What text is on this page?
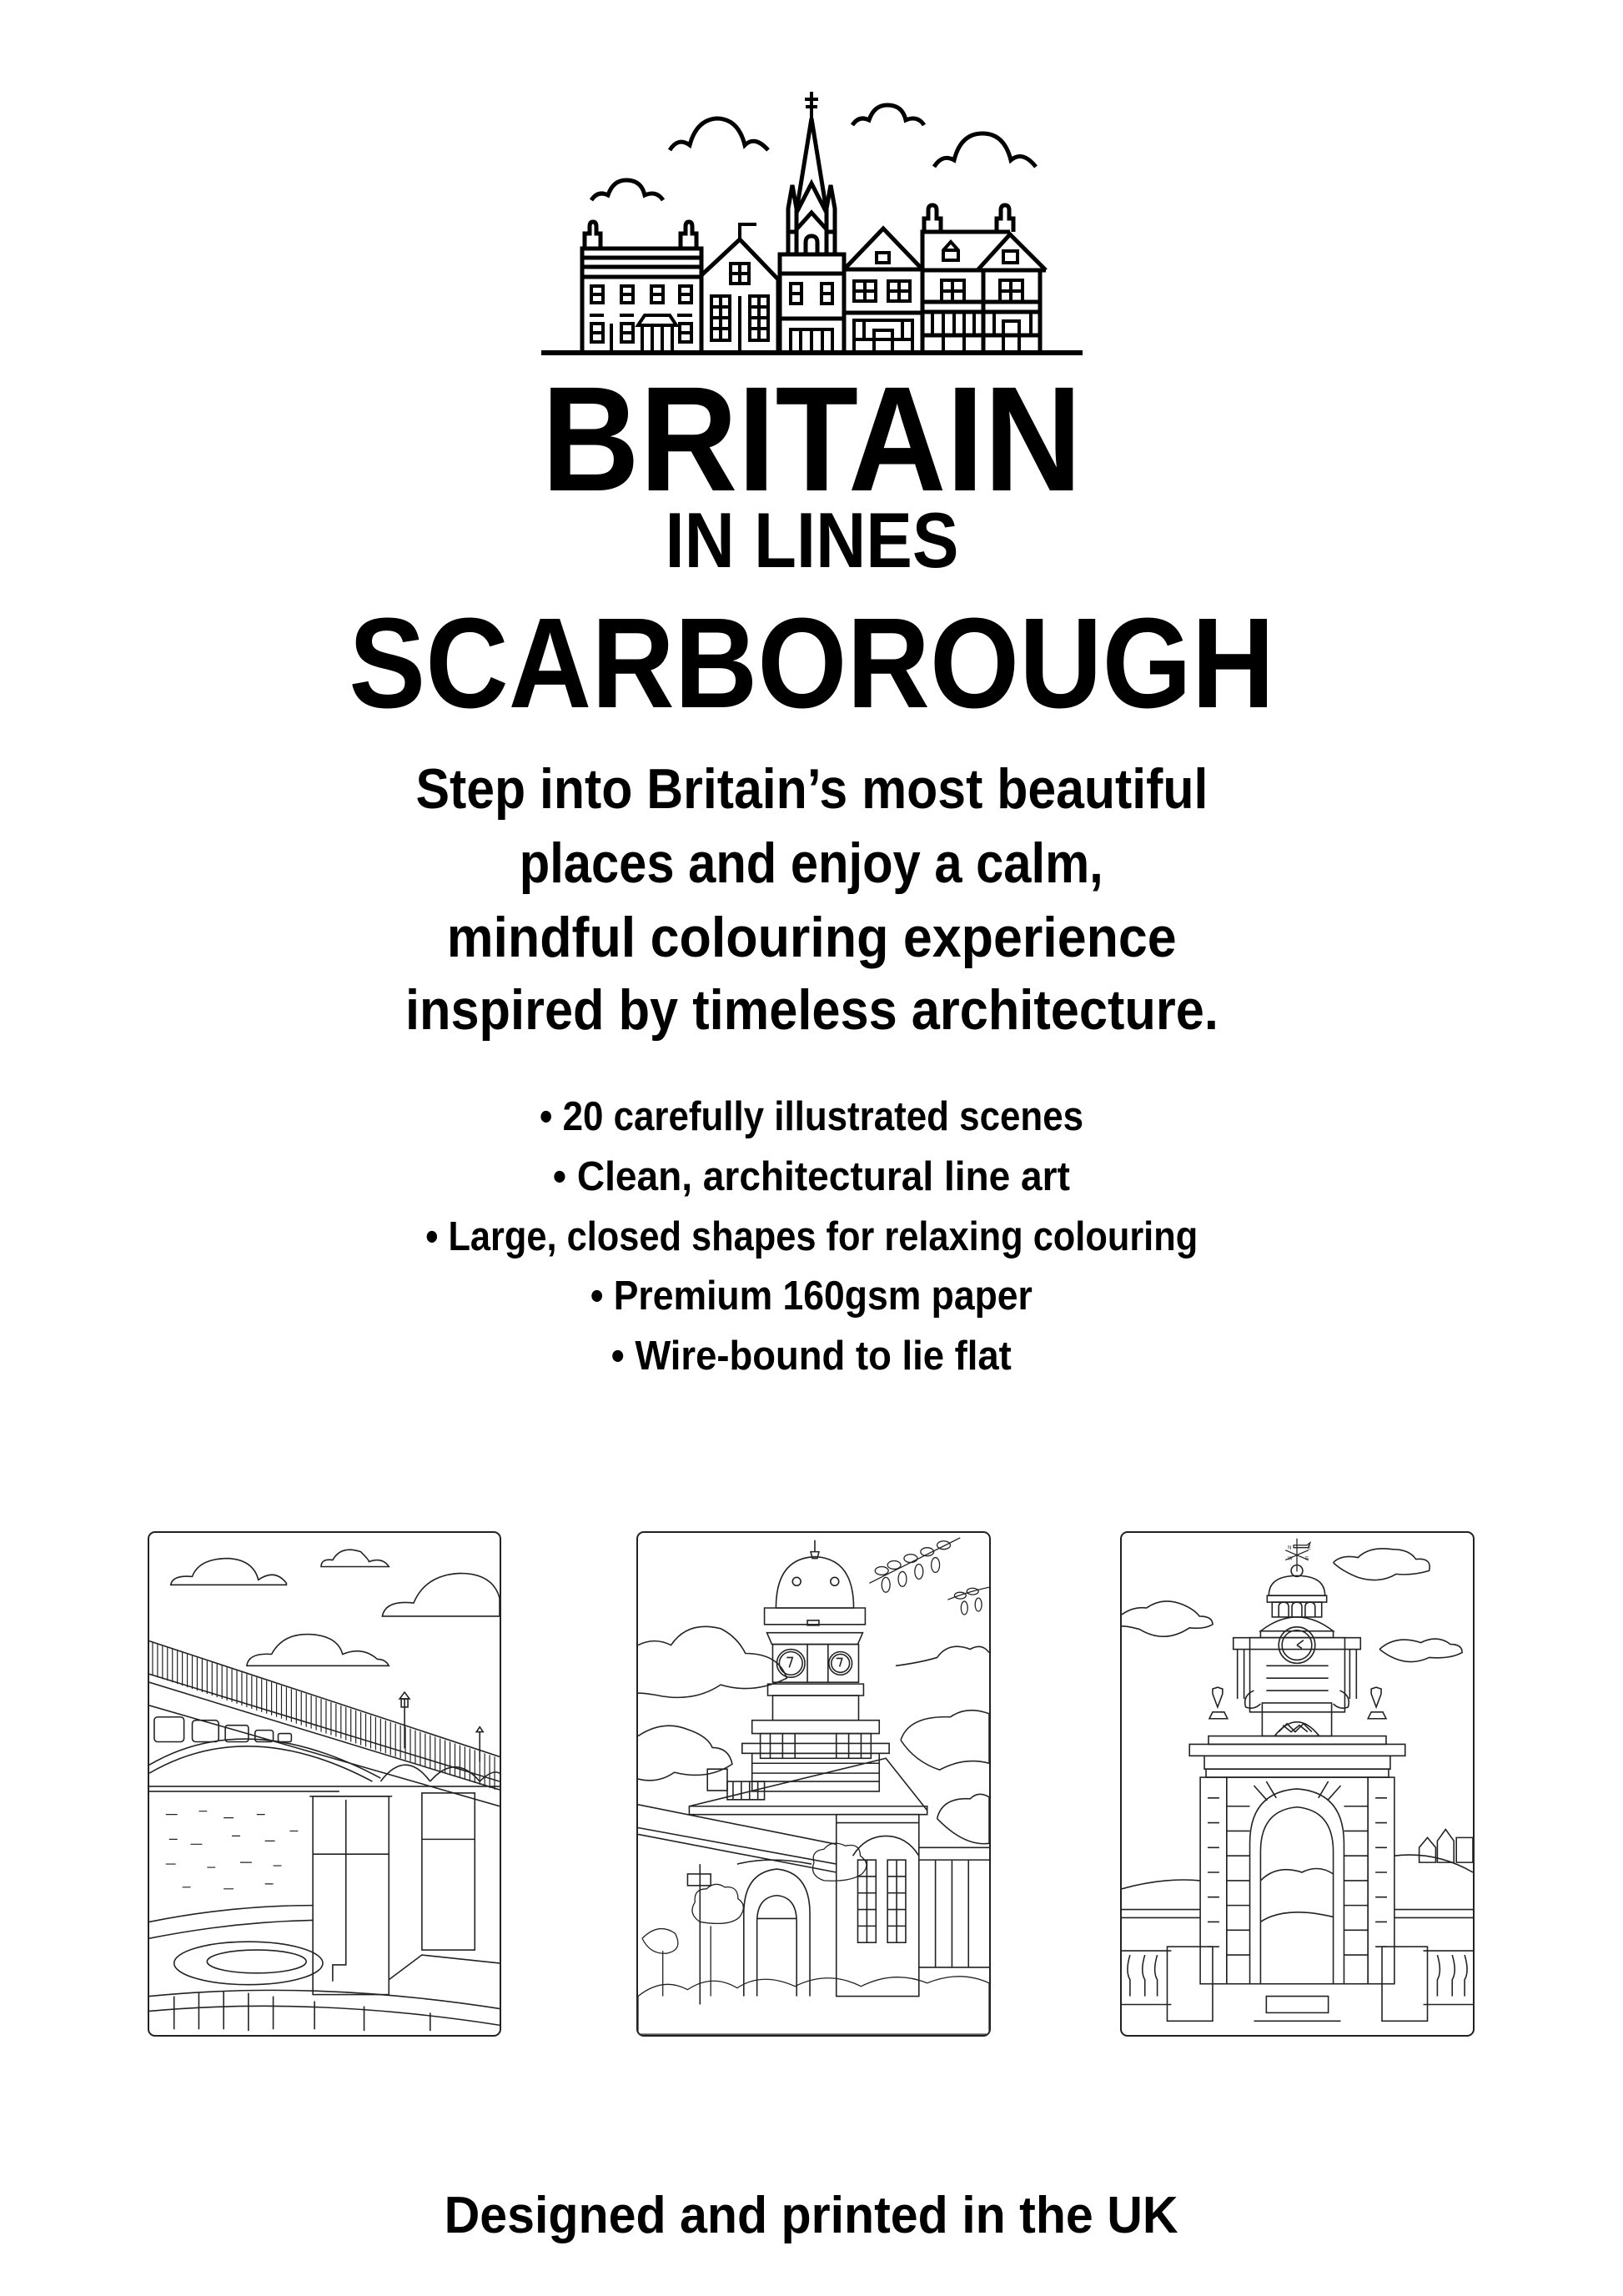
BRITAIN
IN LINES
SCARBOROUGH
Step into Britain’s most beautiful
places and enjoy a calm,
mindful colouring experience
inspired by timeless architecture.
• 20 carefully illustrated scenes
• Clean, architectural line art
• Large, closed shapes for relaxing colouring
• Premium 160gsm paper
• Wire-bound to lie flat
N	E
W	S
Designed and printed in the UK
